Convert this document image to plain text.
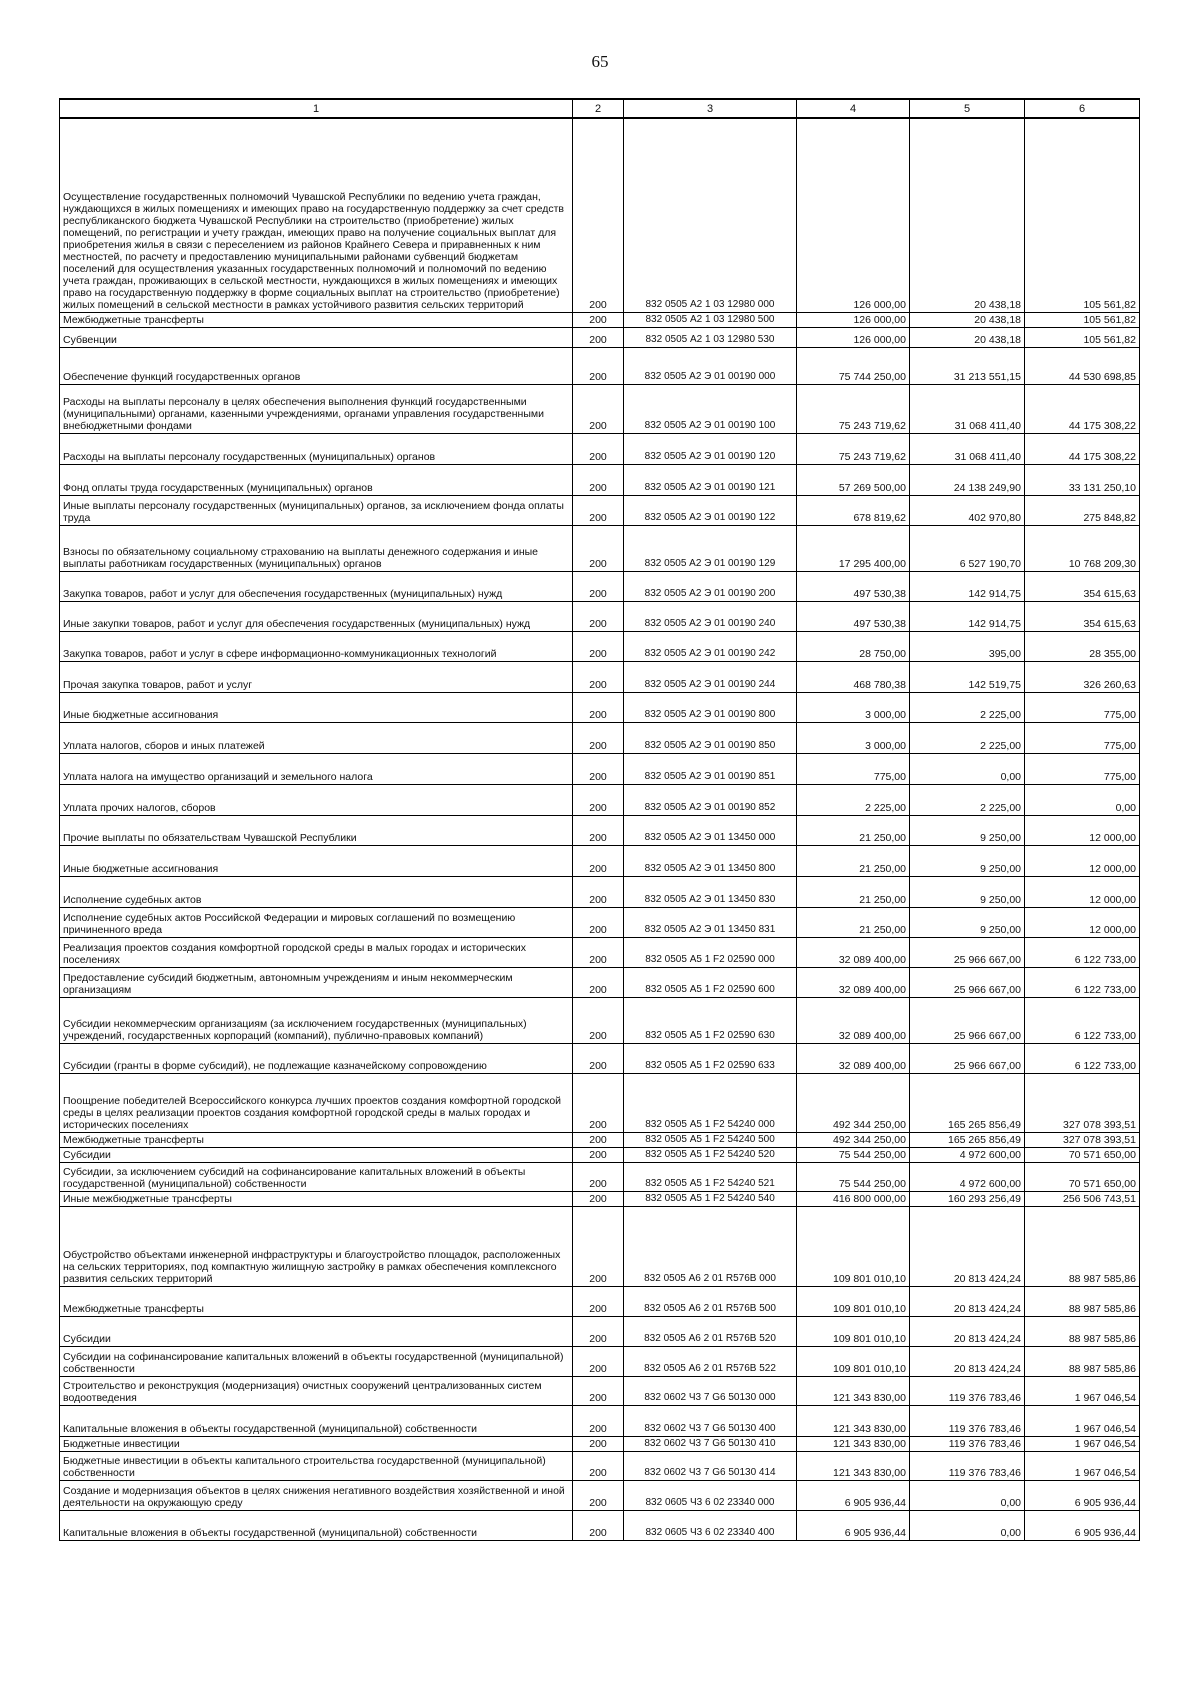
65
1	2	3	4	5	6
Осуществление государственных полномочий Чувашской Республики по ведению учета граждан, нуждающихся в жилых помещениях и имеющих право на государственную поддержку за счет средств республиканского бюджета Чувашской Республики на строительство (приобретение) жилых помещений, по регистрации и учету граждан, имеющих право на получение социальных выплат для приобретения жилья в связи с переселением из районов Крайнего Севера и приравненных к ним местностей, по расчету и предоставлению муниципальными районами субвенций бюджетам поселений для осуществления указанных государственных полномочий и полномочий по ведению учета граждан, проживающих в сельской местности, нуждающихся в жилых помещениях и имеющих право на государственную поддержку в форме социальных выплат на строительство (приобретение) жилых помещений в сельской местности в рамках устойчивого развития сельских территорий	200	832 0505 А2 1 03 12980 000	126 000,00	20 438,18	105 561,82
Межбюджетные трансферты	200	832 0505 А2 1 03 12980 500	126 000,00	20 438,18	105 561,82
Субвенции	200	832 0505 А2 1 03 12980 530	126 000,00	20 438,18	105 561,82
Обеспечение функций государственных органов	200	832 0505 А2 Э 01 00190 000	75 744 250,00	31 213 551,15	44 530 698,85
Расходы на выплаты персоналу в целях обеспечения выполнения функций государственными (муниципальными) органами, казенными учреждениями, органами управления государственными внебюджетными фондами	200	832 0505 А2 Э 01 00190 100	75 243 719,62	31 068 411,40	44 175 308,22
Расходы на выплаты персоналу государственных (муниципальных) органов	200	832 0505 А2 Э 01 00190 120	75 243 719,62	31 068 411,40	44 175 308,22
Фонд оплаты труда государственных (муниципальных) органов	200	832 0505 А2 Э 01 00190 121	57 269 500,00	24 138 249,90	33 131 250,10
Иные выплаты персоналу государственных (муниципальных) органов, за исключением фонда оплаты труда	200	832 0505 А2 Э 01 00190 122	678 819,62	402 970,80	275 848,82
Взносы по обязательному социальному страхованию на выплаты денежного содержания и иные выплаты работникам государственных (муниципальных) органов	200	832 0505 А2 Э 01 00190 129	17 295 400,00	6 527 190,70	10 768 209,30
Закупка товаров, работ и услуг для обеспечения государственных (муниципальных) нужд	200	832 0505 А2 Э 01 00190 200	497 530,38	142 914,75	354 615,63
Иные закупки товаров, работ и услуг для обеспечения государственных (муниципальных) нужд	200	832 0505 А2 Э 01 00190 240	497 530,38	142 914,75	354 615,63
Закупка товаров, работ и услуг в сфере информационно-коммуникационных технологий	200	832 0505 А2 Э 01 00190 242	28 750,00	395,00	28 355,00
Прочая закупка товаров, работ и услуг	200	832 0505 А2 Э 01 00190 244	468 780,38	142 519,75	326 260,63
Иные бюджетные ассигнования	200	832 0505 А2 Э 01 00190 800	3 000,00	2 225,00	775,00
Уплата налогов, сборов и иных платежей	200	832 0505 А2 Э 01 00190 850	3 000,00	2 225,00	775,00
Уплата налога на имущество организаций и земельного налога	200	832 0505 А2 Э 01 00190 851	775,00	0,00	775,00
Уплата прочих налогов, сборов	200	832 0505 А2 Э 01 00190 852	2 225,00	2 225,00	0,00
Прочие выплаты по обязательствам Чувашской Республики	200	832 0505 А2 Э 01 13450 000	21 250,00	9 250,00	12 000,00
Иные бюджетные ассигнования	200	832 0505 А2 Э 01 13450 800	21 250,00	9 250,00	12 000,00
Исполнение судебных актов	200	832 0505 А2 Э 01 13450 830	21 250,00	9 250,00	12 000,00
Исполнение судебных актов Российской Федерации и мировых соглашений по возмещению причиненного вреда	200	832 0505 А2 Э 01 13450 831	21 250,00	9 250,00	12 000,00
Реализация проектов создания комфортной городской среды в малых городах и исторических поселениях	200	832 0505 А5 1 F2 02590 000	32 089 400,00	25 966 667,00	6 122 733,00
Предоставление субсидий бюджетным, автономным учреждениям и иным некоммерческим организациям	200	832 0505 А5 1 F2 02590 600	32 089 400,00	25 966 667,00	6 122 733,00
Субсидии некоммерческим организациям (за исключением государственных (муниципальных) учреждений, государственных корпораций (компаний), публично-правовых компаний)	200	832 0505 А5 1 F2 02590 630	32 089 400,00	25 966 667,00	6 122 733,00
Субсидии (гранты в форме субсидий), не подлежащие казначейскому сопровождению	200	832 0505 А5 1 F2 02590 633	32 089 400,00	25 966 667,00	6 122 733,00
Поощрение победителей Всероссийского конкурса лучших проектов создания комфортной городской среды в целях реализации проектов создания комфортной городской среды в малых городах и исторических поселениях	200	832 0505 А5 1 F2 54240 000	492 344 250,00	165 265 856,49	327 078 393,51
Межбюджетные трансферты	200	832 0505 А5 1 F2 54240 500	492 344 250,00	165 265 856,49	327 078 393,51
Субсидии	200	832 0505 А5 1 F2 54240 520	75 544 250,00	4 972 600,00	70 571 650,00
Субсидии, за исключением субсидий на софинансирование капитальных вложений в объекты государственной (муниципальной) собственности	200	832 0505 А5 1 F2 54240 521	75 544 250,00	4 972 600,00	70 571 650,00
Иные межбюджетные трансферты	200	832 0505 А5 1 F2 54240 540	416 800 000,00	160 293 256,49	256 506 743,51
Обустройство объектами инженерной инфраструктуры и благоустройство площадок, расположенных на сельских территориях, под компактную жилищную застройку в рамках обеспечения комплексного развития сельских территорий	200	832 0505 А6 2 01 R576B 000	109 801 010,10	20 813 424,24	88 987 585,86
Межбюджетные трансферты	200	832 0505 А6 2 01 R576B 500	109 801 010,10	20 813 424,24	88 987 585,86
Субсидии	200	832 0505 А6 2 01 R576B 520	109 801 010,10	20 813 424,24	88 987 585,86
Субсидии на софинансирование капитальных вложений в объекты государственной (муниципальной) собственности	200	832 0505 А6 2 01 R576B 522	109 801 010,10	20 813 424,24	88 987 585,86
Строительство и реконструкция (модернизация) очистных сооружений централизованных систем водоотведения	200	832 0602 Ч3 7 G6 50130 000	121 343 830,00	119 376 783,46	1 967 046,54
Капитальные вложения в объекты государственной (муниципальной) собственности	200	832 0602 Ч3 7 G6 50130 400	121 343 830,00	119 376 783,46	1 967 046,54
Бюджетные инвестиции	200	832 0602 Ч3 7 G6 50130 410	121 343 830,00	119 376 783,46	1 967 046,54
Бюджетные инвестиции в объекты капитального строительства государственной (муниципальной) собственности	200	832 0602 Ч3 7 G6 50130 414	121 343 830,00	119 376 783,46	1 967 046,54
Создание и модернизация объектов в целях снижения негативного воздействия хозяйственной и иной деятельности на окружающую среду	200	832 0605 Ч3 6 02 23340 000	6 905 936,44	0,00	6 905 936,44
Капитальные вложения в объекты государственной (муниципальной) собственности	200	832 0605 Ч3 6 02 23340 400	6 905 936,44	0,00	6 905 936,44
